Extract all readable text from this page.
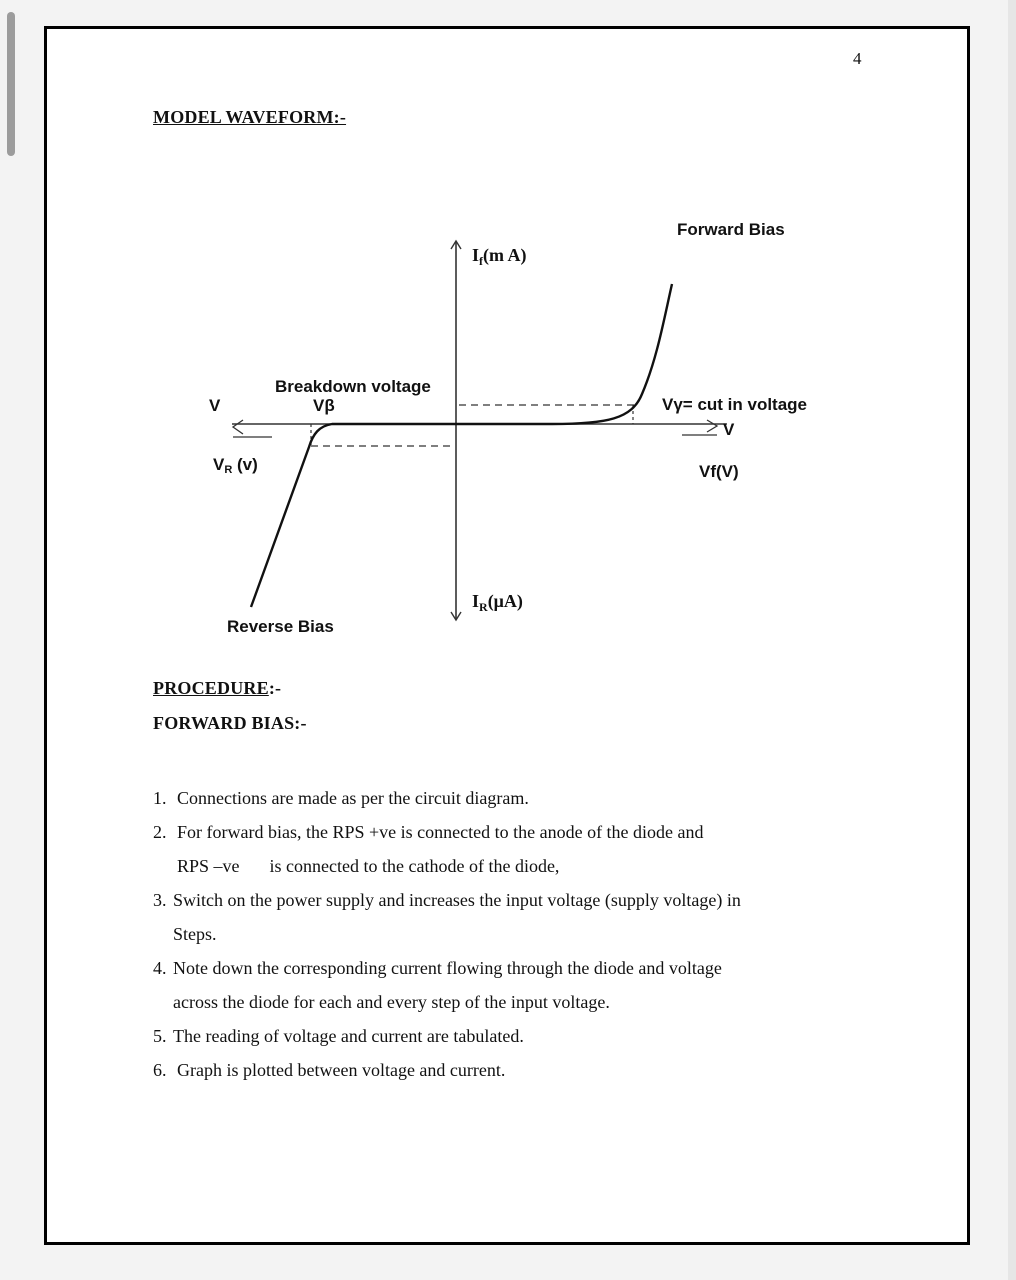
4
MODEL WAVEFORM:-
Forward Bias
$I_f(m$ A)
Breakdown voltage
Vβ
V	Vγ= cut in voltage
V
VR (v)	Vf(V)
$I_R(\mu A)$
Reverse Bias
PROCEDURE:-
FORWARD BIAS:-
1. Connections are made as per the circuit diagram.
2. For forward bias, the RPS +ve is connected to the anode of the diode and
RPS –ve is connected to the cathode of the diode,
3. Switch on the power supply and increases the input voltage (supply voltage) in
Steps.
4. Note down the corresponding current flowing through the diode and voltage
across the diode for each and every step of the input voltage.
5. The reading of voltage and current are tabulated.
6. Graph is plotted between voltage and current.
